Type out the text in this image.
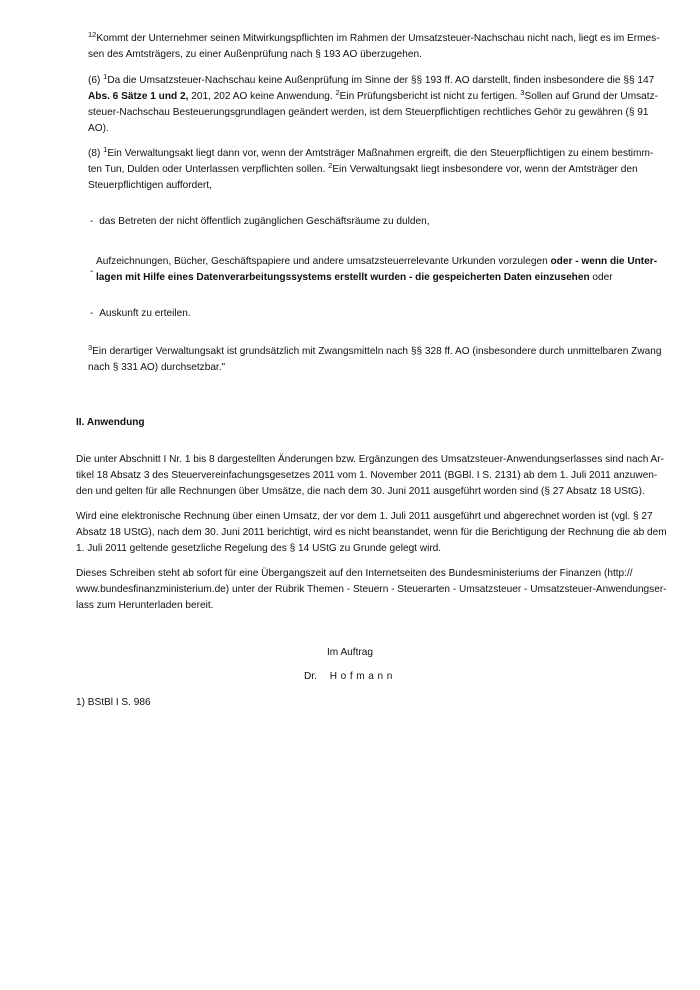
$^{12}$Kommt der Unternehmer seinen Mitwirkungspflichten im Rahmen der Umsatzsteuer-Nachschau nicht nach, liegt es im Ermes-

sen des Amtsträgers, zu einer Außenprüfung nach § 193 AO überzugehen.

(6) $^1$Da die Umsatzsteuer-Nachschau keine Außenprüfung im Sinne der §§ 193 ff. AO darstellt, finden insbesondere die §§ 147

Abs. 6 Sätze 1 und 2, 201, 202 AO keine Anwendung. $^2$Ein Prüfungsbericht ist nicht zu fertigen. $^3$Sollen auf Grund der Umsatz-

steuer-Nachschau Besteuerungsgrundlagen geändert werden, ist dem Steuerpflichtigen rechtliches Gehör zu gewähren (§ 91

AO).

(8) $^1$Ein Verwaltungsakt liegt dann vor, wenn der Amtsträger Maßnahmen ergreift, die den Steuerpflichtigen zu einem bestimm-

ten Tun, Dulden oder Unterlassen verpflichten sollen. $^2$Ein Verwaltungsakt liegt insbesondere vor, wenn der Amtsträger den

Steuerpflichtigen auffordert,

- das Betreten der nicht öffentlich zugänglichen Geschäftsräume zu dulden,
-

Aufzeichnungen, Bücher, Geschäftspapiere und andere umsatzsteuerrelevante Urkunden vorzulegen oder - wenn die Unter-

lagen mit Hilfe eines Datenverarbeitungssystems erstellt wurden - die gespeicherten Daten einzusehen oder

- Auskunft zu erteilen.

$^3$Ein derartiger Verwaltungsakt ist grundsätzlich mit Zwangsmitteln nach §§ 328 ff. AO (insbesondere durch unmittelbaren Zwang

nach § 331 AO) durchsetzbar."

II. Anwendung

Die unter Abschnitt I Nr. 1 bis 8 dargestellten Änderungen bzw. Ergänzungen des Umsatzsteuer-Anwendungserlasses sind nach Ar-

tikel 18 Absatz 3 des Steuervereinfachungsgesetzes 2011 vom 1. November 2011 (BGBl. I S. 2131) ab dem 1. Juli 2011 anzuwen-

den und gelten für alle Rechnungen über Umsätze, die nach dem 30. Juni 2011 ausgeführt worden sind (§ 27 Absatz 18 UStG).

Wird eine elektronische Rechnung über einen Umsatz, der vor dem 1. Juli 2011 ausgeführt und abgerechnet worden ist (vgl. § 27

Absatz 18 UStG), nach dem 30. Juni 2011 berichtigt, wird es nicht beanstandet, wenn für die Berichtigung der Rechnung die ab dem

1. Juli 2011 geltende gesetzliche Regelung des § 14 UStG zu Grunde gelegt wird.

Dieses Schreiben steht ab sofort für eine Übergangszeit auf den Internetseiten des Bundesministeriums der Finanzen (http://

www.bundesfinanzministerium.de) unter der Rubrik Themen - Steuern - Steuerarten - Umsatzsteuer - Umsatzsteuer-Anwendungser-

lass zum Herunterladen bereit.

Im Auftrag
Dr. Hofmann
1) BStBl I S. 986
